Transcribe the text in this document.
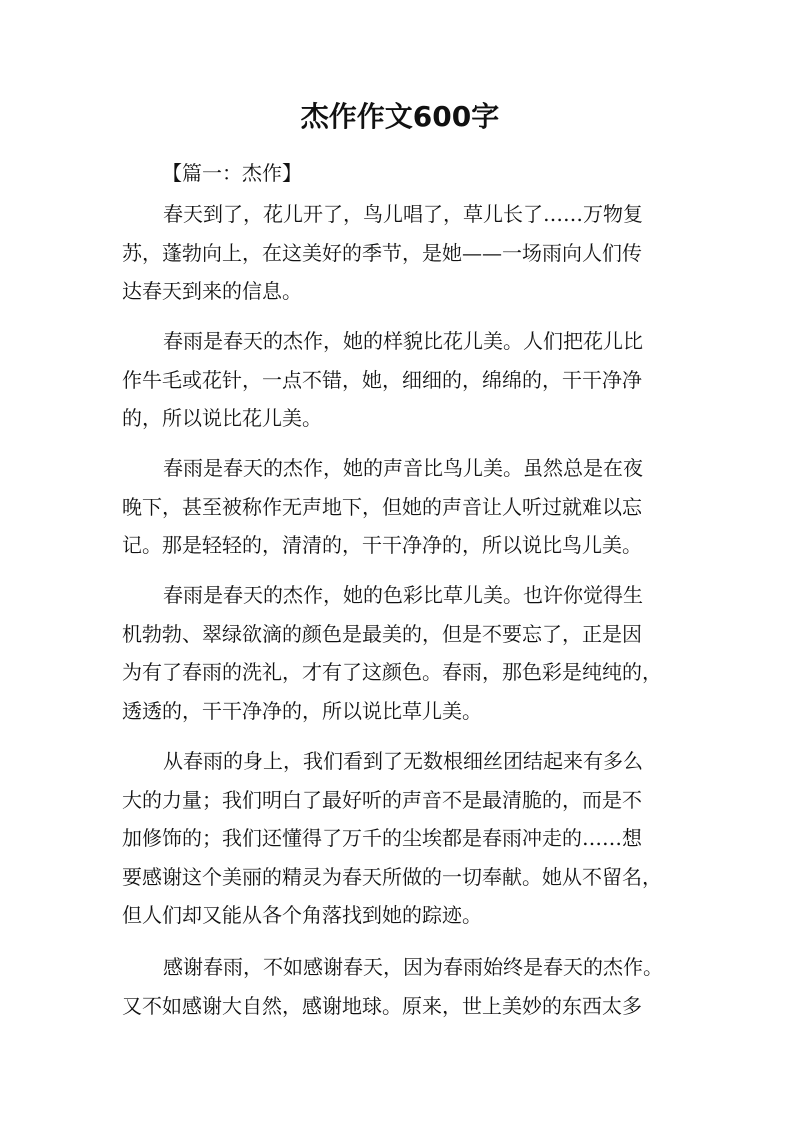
杰作作文600字

【篇一：杰作】

春天到了，花儿开了，鸟儿唱了，草儿长了……万物复
苏，蓬勃向上，在这美好的季节，是她——一场雨向人们传
达春天到来的信息。
春雨是春天的杰作，她的样貌比花儿美。人们把花儿比
作牛毛或花针，一点不错，她，细细的，绵绵的，干干净净
的，所以说比花儿美。
春雨是春天的杰作，她的声音比鸟儿美。虽然总是在夜
晚下，甚至被称作无声地下，但她的声音让人听过就难以忘
记。那是轻轻的，清清的，干干净净的，所以说比鸟儿美。
春雨是春天的杰作，她的色彩比草儿美。也许你觉得生
机勃勃、翠绿欲滴的颜色是最美的，但是不要忘了，正是因
为有了春雨的洗礼，才有了这颜色。春雨，那色彩是纯纯的，
透透的，干干净净的，所以说比草儿美。
从春雨的身上，我们看到了无数根细丝团结起来有多么
大的力量；我们明白了最好听的声音不是最清脆的，而是不
加修饰的；我们还懂得了万千的尘埃都是春雨冲走的……想
要感谢这个美丽的精灵为春天所做的一切奉献。她从不留名，
但人们却又能从各个角落找到她的踪迹。
感谢春雨，不如感谢春天，因为春雨始终是春天的杰作。
又不如感谢大自然，感谢地球。原来，世上美妙的东西太多
